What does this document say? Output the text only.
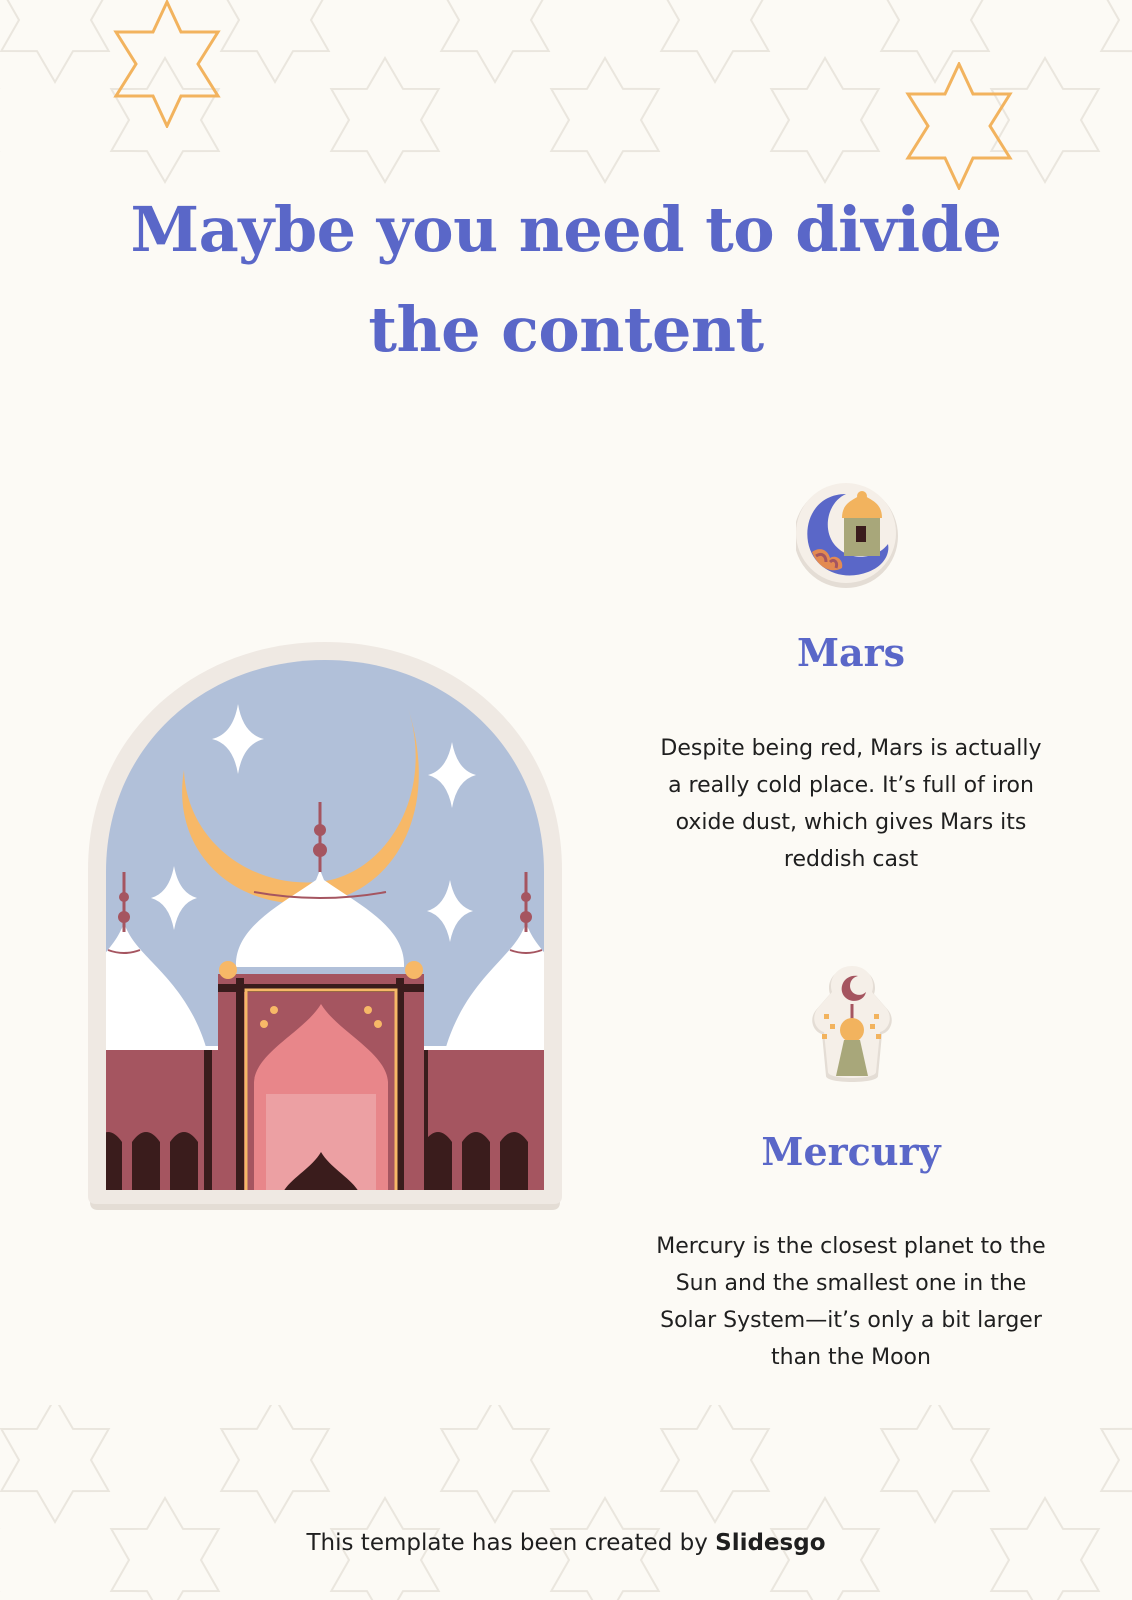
Maybe you need to divide
the content
Mars

Despite being red, Mars is actually a really cold place. It’s full of iron oxide dust, which gives Mars its reddish cast

Mercury

Mercury is the closest planet to the Sun and the smallest one in the Solar System—it’s only a bit larger than the Moon

This template has been created by Slidesgo
